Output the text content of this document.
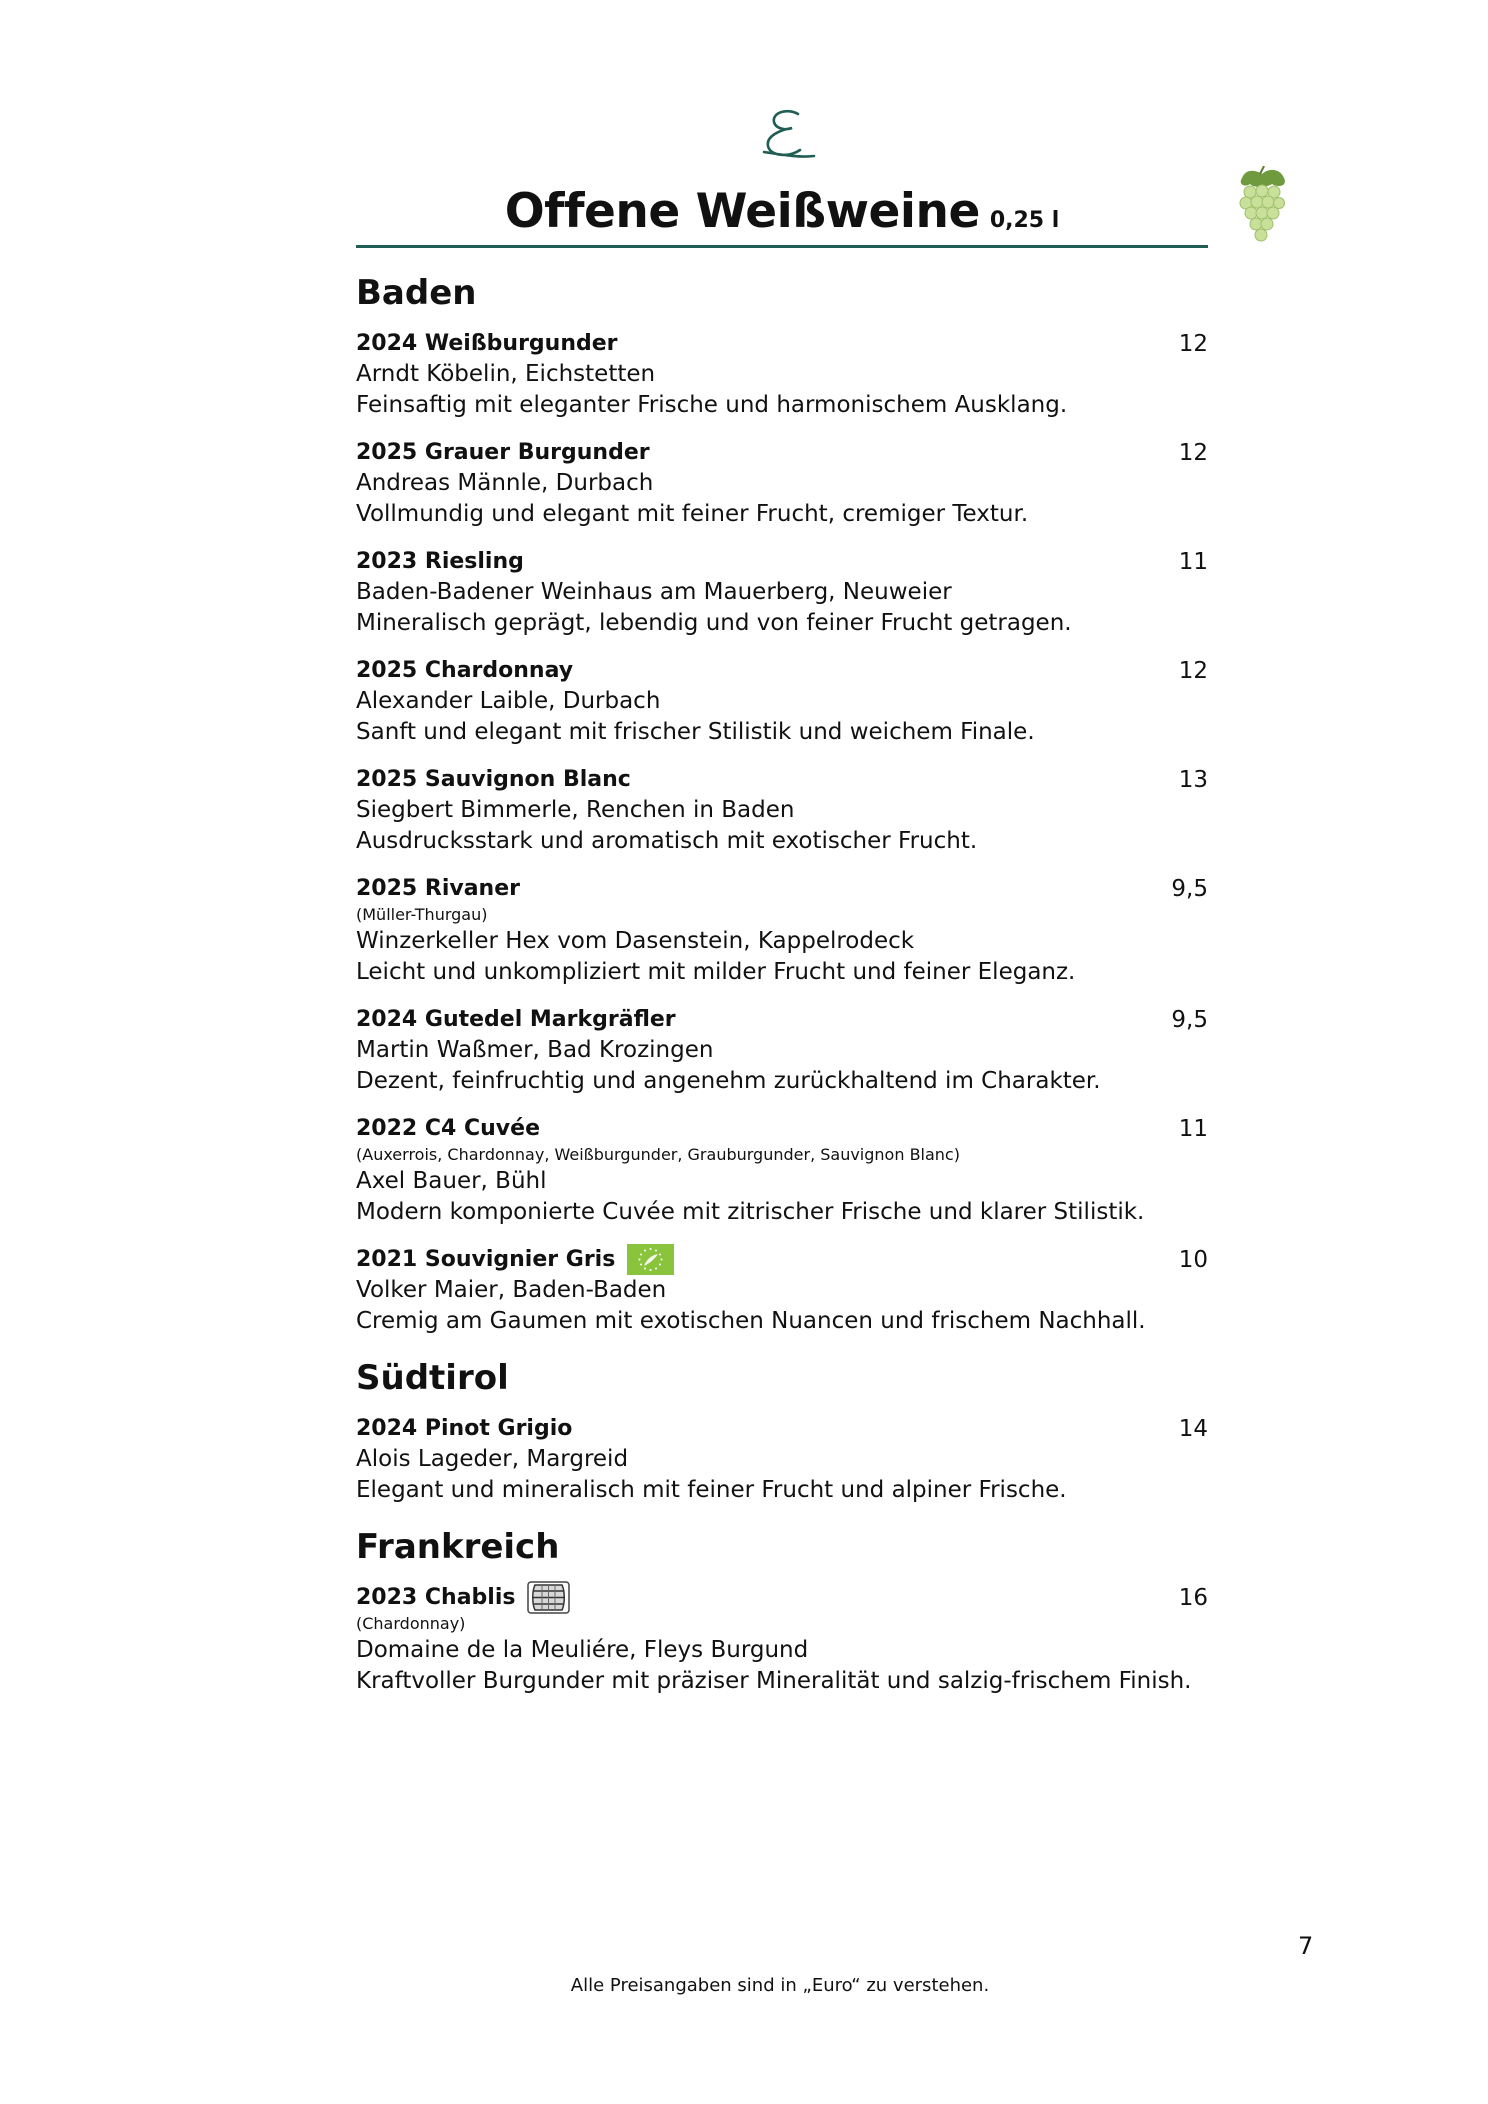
Offene Weißweine 0,25 l
Baden
2024 Weißburgunder	12
Arndt Köbelin, Eichstetten
Feinsaftig mit eleganter Frische und harmonischem Ausklang.
2025 Grauer Burgunder	12
Andreas Männle, Durbach
Vollmundig und elegant mit feiner Frucht, cremiger Textur.
2023 Riesling	11
Baden-Badener Weinhaus am Mauerberg, Neuweier
Mineralisch geprägt, lebendig und von feiner Frucht getragen.
2025 Chardonnay	12
Alexander Laible, Durbach
Sanft und elegant mit frischer Stilistik und weichem Finale.
2025 Sauvignon Blanc	13
Siegbert Bimmerle, Renchen in Baden
Ausdrucksstark und aromatisch mit exotischer Frucht.
2025 Rivaner	9,5
(Müller-Thurgau)
Winzerkeller Hex vom Dasenstein, Kappelrodeck
Leicht und unkompliziert mit milder Frucht und feiner Eleganz.
2024 Gutedel Markgräfler	9,5
Martin Waßmer, Bad Krozingen
Dezent, feinfruchtig und angenehm zurückhaltend im Charakter.
2022 C4 Cuvée	11
(Auxerrois, Chardonnay, Weißburgunder, Grauburgunder, Sauvignon Blanc)
Axel Bauer, Bühl
Modern komponierte Cuvée mit zitrischer Frische und klarer Stilistik.
2021 Souvignier Gris	10
Volker Maier, Baden-Baden
Cremig am Gaumen mit exotischen Nuancen und frischem Nachhall.
Südtirol
2024 Pinot Grigio	14
Alois Lageder, Margreid
Elegant und mineralisch mit feiner Frucht und alpiner Frische.
Frankreich
2023 Chablis	16
(Chardonnay)
Domaine de la Meuliére, Fleys Burgund
Kraftvoller Burgunder mit präziser Mineralität und salzig-frischem Finish.
7
Alle Preisangaben sind in „Euro“ zu verstehen.
